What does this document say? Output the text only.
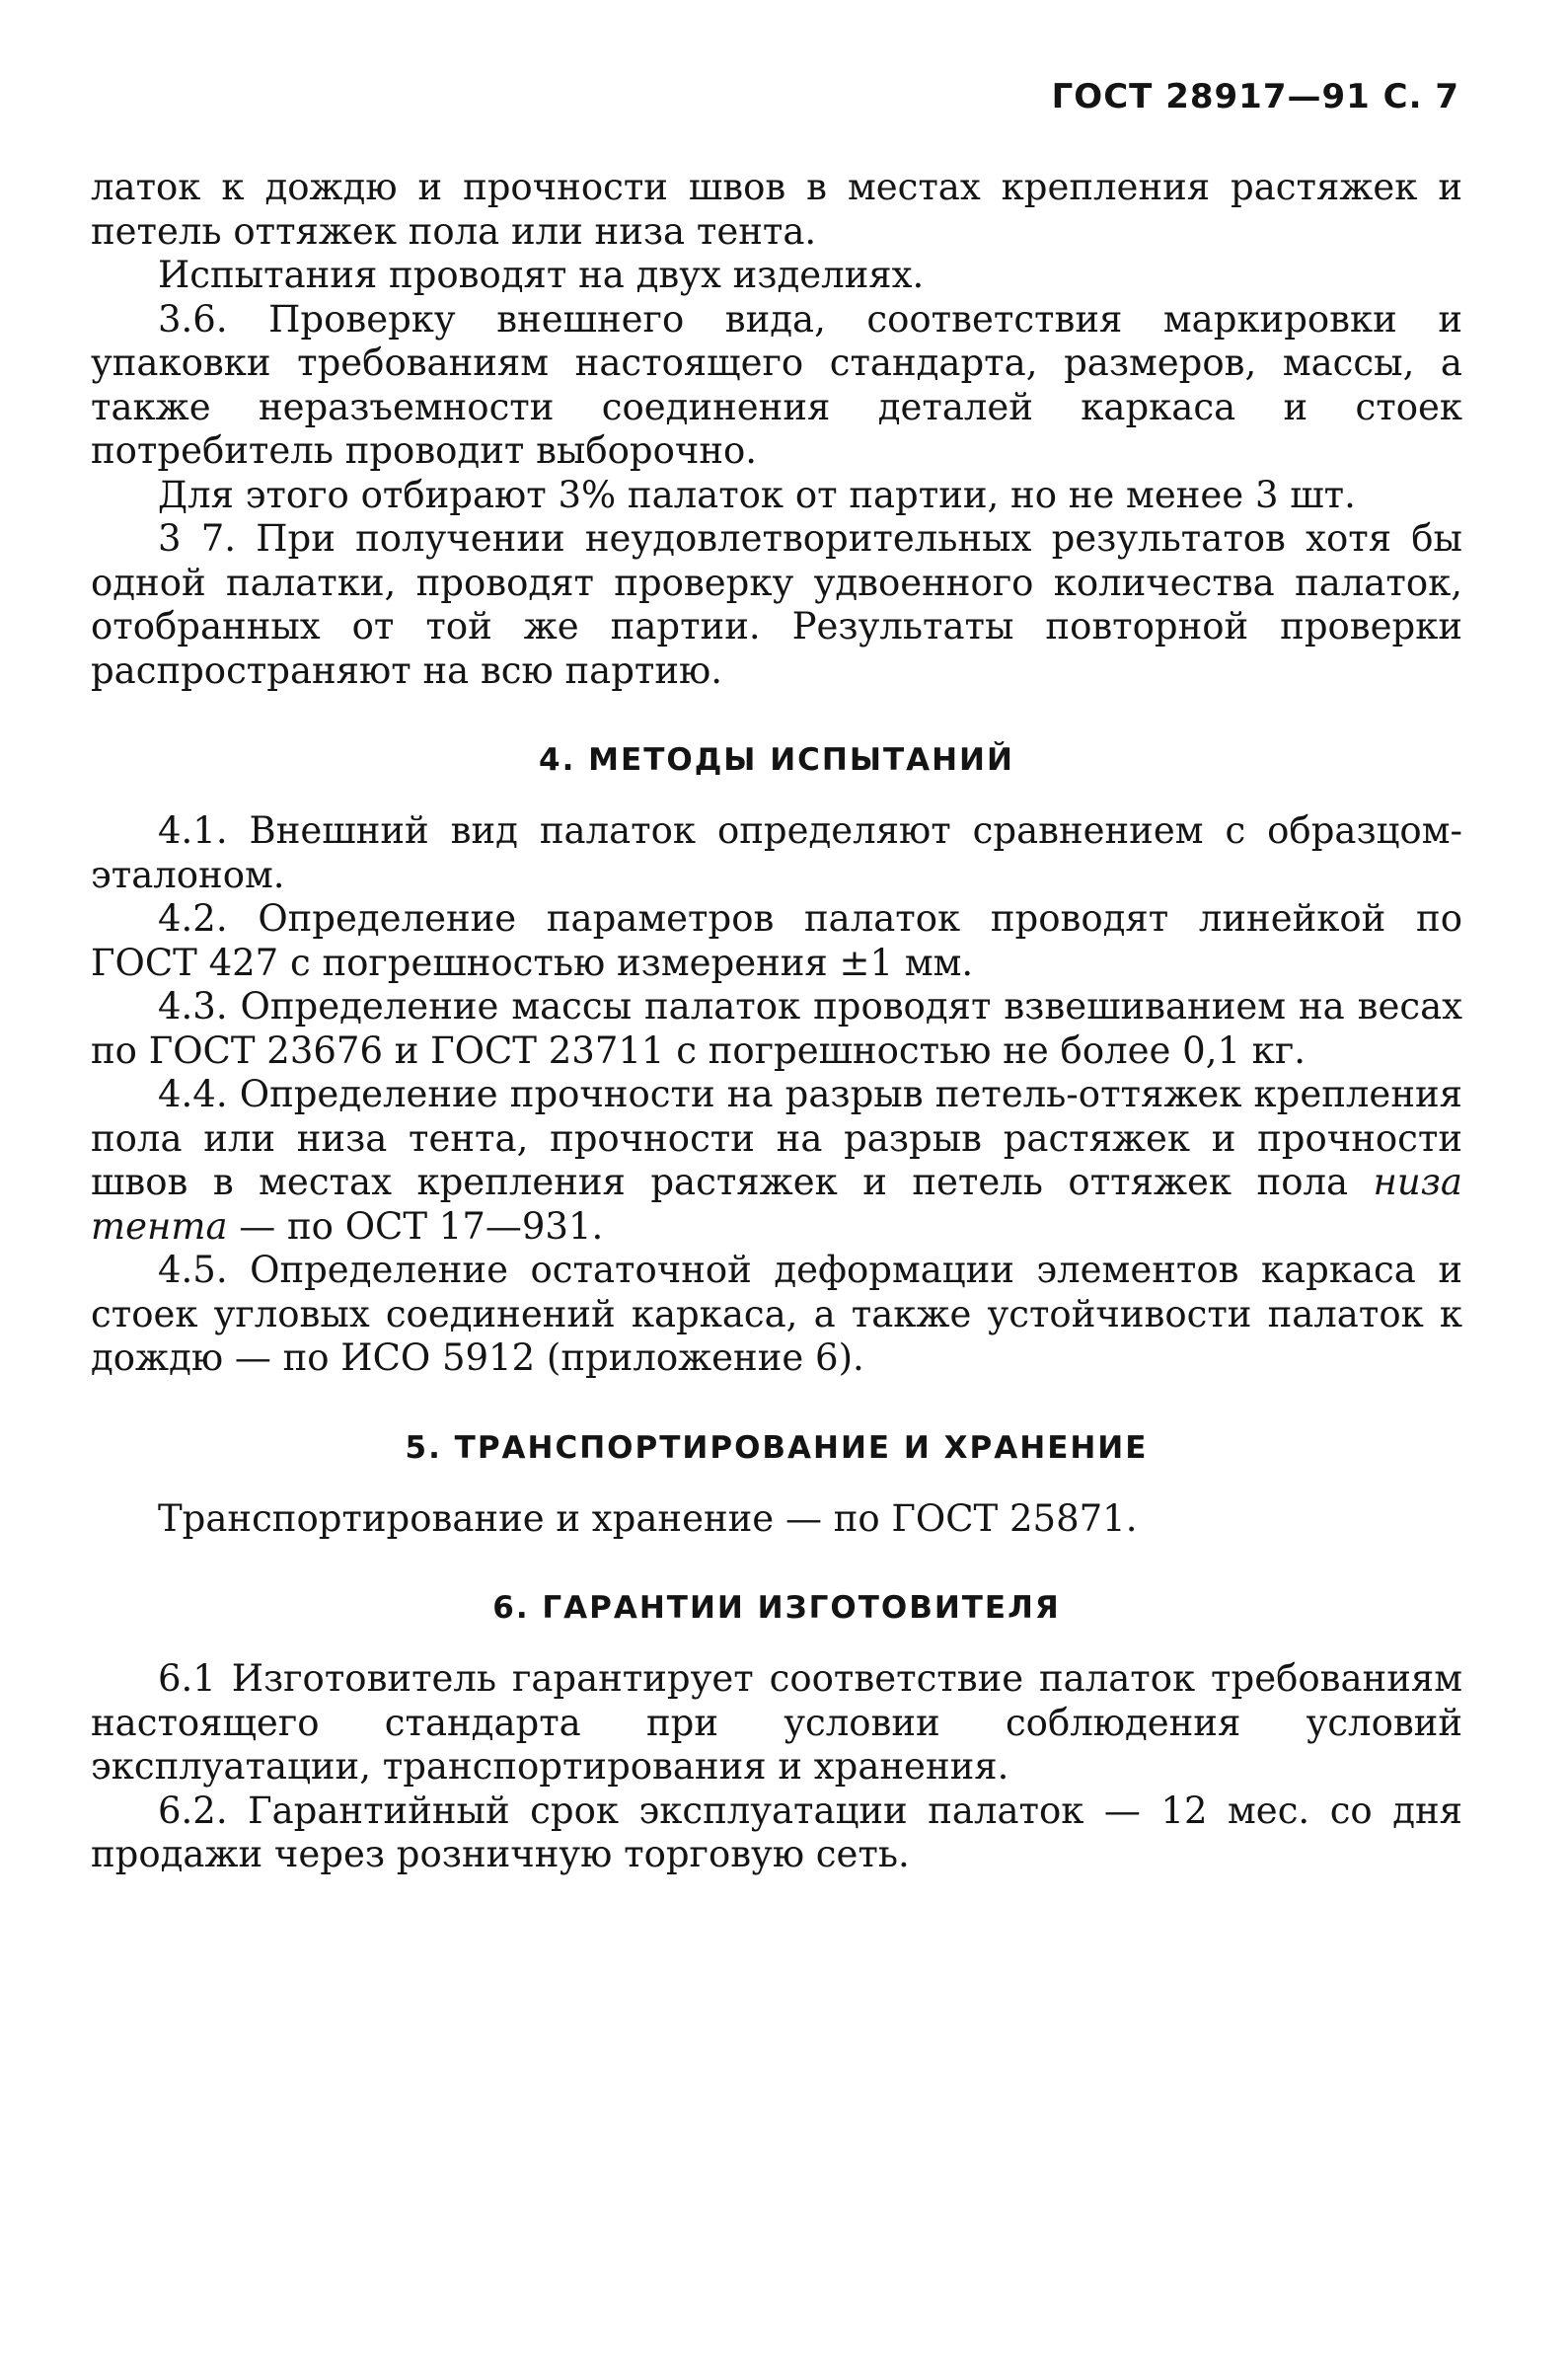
ГОСТ 28917—91 С. 7

латок к дождю и прочности швов в местах крепления растяжек и петель оттяжек пола или низа тента.

Испытания проводят на двух изделиях.

3.6. Проверку внешнего вида, соответствия маркировки и упаковки требованиям настоящего стандарта, размеров, массы, а также неразъемности соединения деталей каркаса и стоек потребитель проводит выборочно.

Для этого отбирают 3% палаток от партии, но не менее 3 шт.

3 7. При получении неудовлетворительных результатов хотя бы одной палатки, проводят проверку удвоенного количества палаток, отобранных от той же партии. Результаты повторной проверки распространяют на всю партию.

4. МЕТОДЫ ИСПЫТАНИЙ

4.1. Внешний вид палаток определяют сравнением с образцом-эталоном.

4.2. Определение параметров палаток проводят линейкой по ГОСТ 427 с погрешностью измерения ±1 мм.

4.3. Определение массы палаток проводят взвешиванием на весах по ГОСТ 23676 и ГОСТ 23711 с погрешностью не более 0,1 кг.

4.4. Определение прочности на разрыв петель-оттяжек крепления пола или низа тента, прочности на разрыв растяжек и прочности швов в местах крепления растяжек и петель оттяжек пола низа тента — по ОСТ 17—931.

4.5. Определение остаточной деформации элементов каркаса и стоек угловых соединений каркаса, а также устойчивости палаток к дождю — по ИСО 5912 (приложение 6).

5. ТРАНСПОРТИРОВАНИЕ И ХРАНЕНИЕ

Транспортирование и хранение — по ГОСТ 25871.

6. ГАРАНТИИ ИЗГОТОВИТЕЛЯ

6.1 Изготовитель гарантирует соответствие палаток требованиям настоящего стандарта при условии соблюдения условий эксплуатации, транспортирования и хранения.

6.2. Гарантийный срок эксплуатации палаток — 12 мес. со дня продажи через розничную торговую сеть.
